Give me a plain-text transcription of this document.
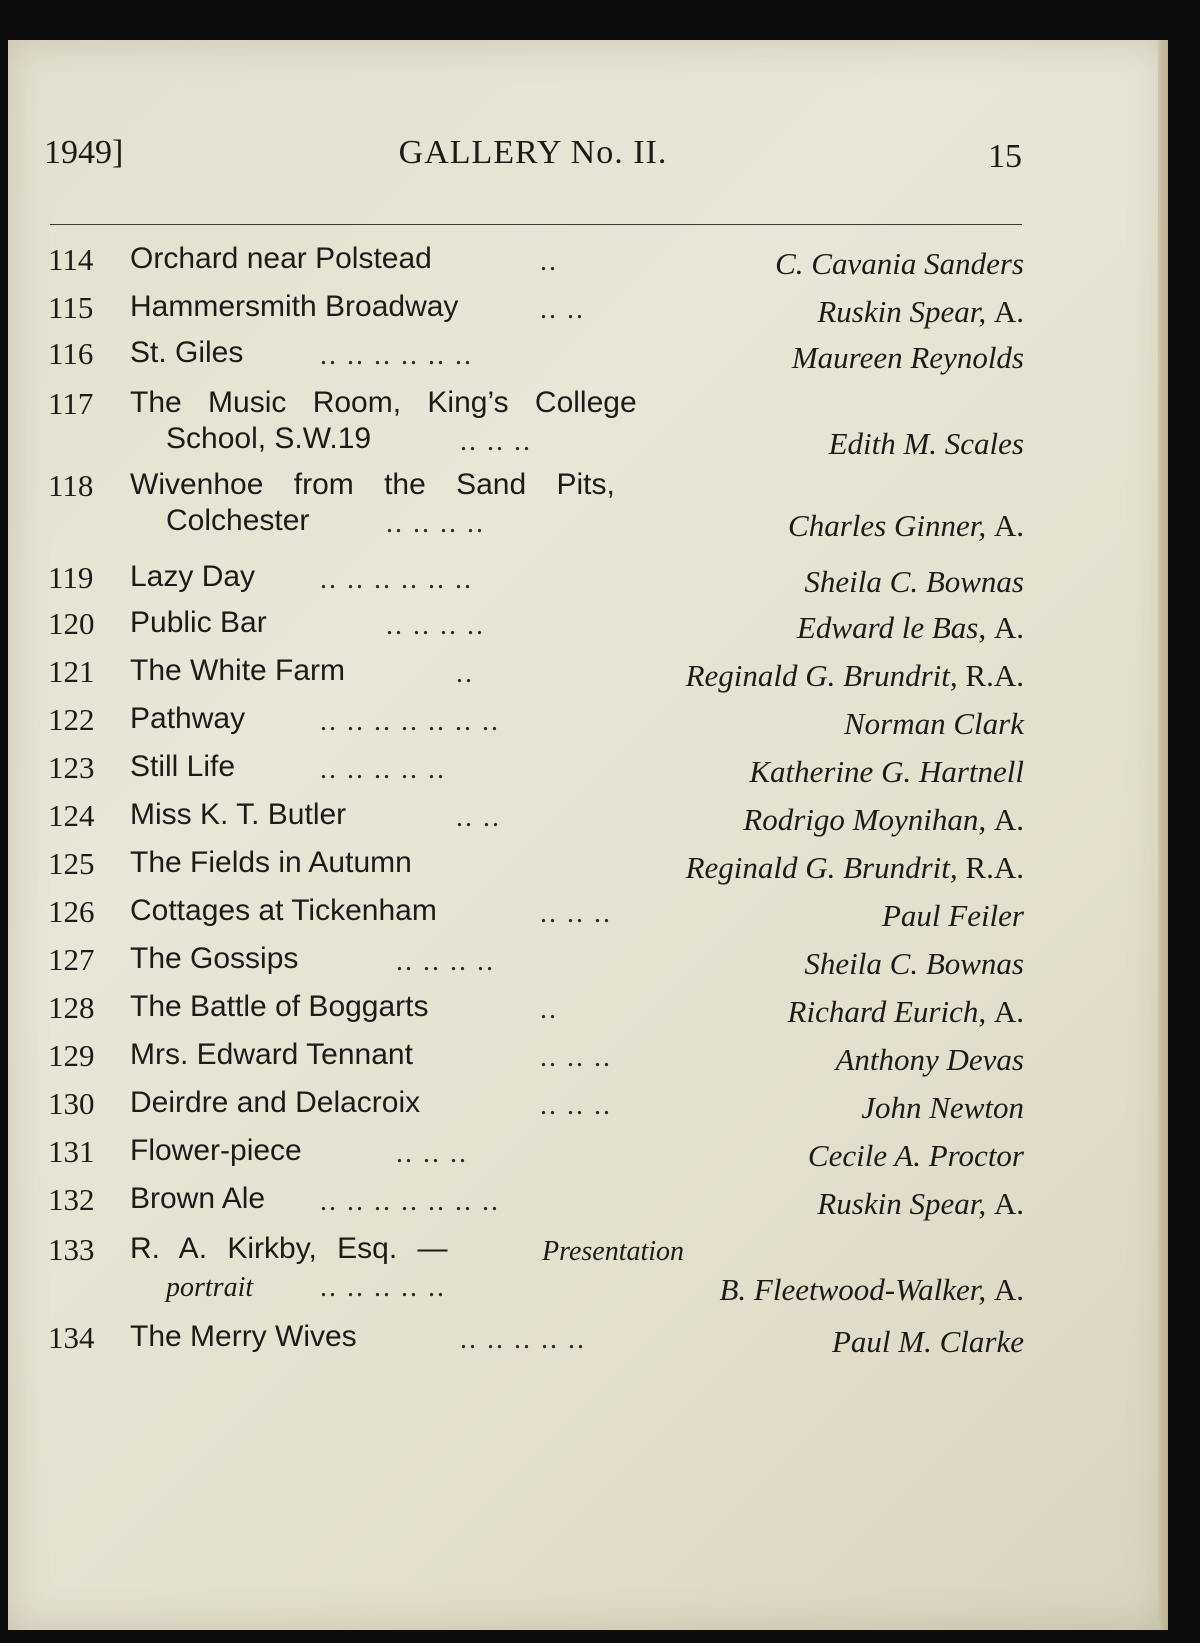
1949]	GALLERY No. II.	15
114	Orchard near Polstead	..	C. Cavania Sanders
115	Hammersmith Broadway	.. ..	Ruskin Spear, A.
116	St. Giles	.. .. .. .. .. ..	Maureen Reynolds
117	The Music Room, King’s College
School, S.W.19	.. .. ..	Edith M. Scales
118	Wivenhoe from the Sand Pits,
Colchester	.. .. .. ..	Charles Ginner, A.
119	Lazy Day .. .. .. .. .. ..	Sheila C. Bownas
120	Public Bar	.. .. .. ..	Edward le Bas, A.
121	The White Farm	..	Reginald G. Brundrit, R.A.
122	Pathway	.. .. .. .. .. .. ..	Norman Clark
123	Still Life	.. .. .. .. ..	Katherine G. Hartnell
124	Miss K. T. Butler	.. ..	Rodrigo Moynihan, A.
125	The Fields in Autumn	Reginald G. Brundrit, R.A.
126	Cottages at Tickenham	.. .. ..	Paul Feiler
127	The Gossips	.. .. .. ..	Sheila C. Bownas
128	The Battle of Boggarts	..	Richard Eurich, A.
129	Mrs. Edward Tennant	.. .. ..	Anthony Devas
130	Deirdre and Delacroix	.. .. ..	John Newton
131	Flower-piece	.. .. ..	Cecile A. Proctor
132	Brown Ale .. .. .. .. .. .. ..	Ruskin Spear, A.
133	R. A. Kirkby, Esq. —	Presentation
portrait .. .. .. .. ..	B. Fleetwood-Walker, A.
134	The Merry Wives	.. .. .. .. ..	Paul M. Clarke
